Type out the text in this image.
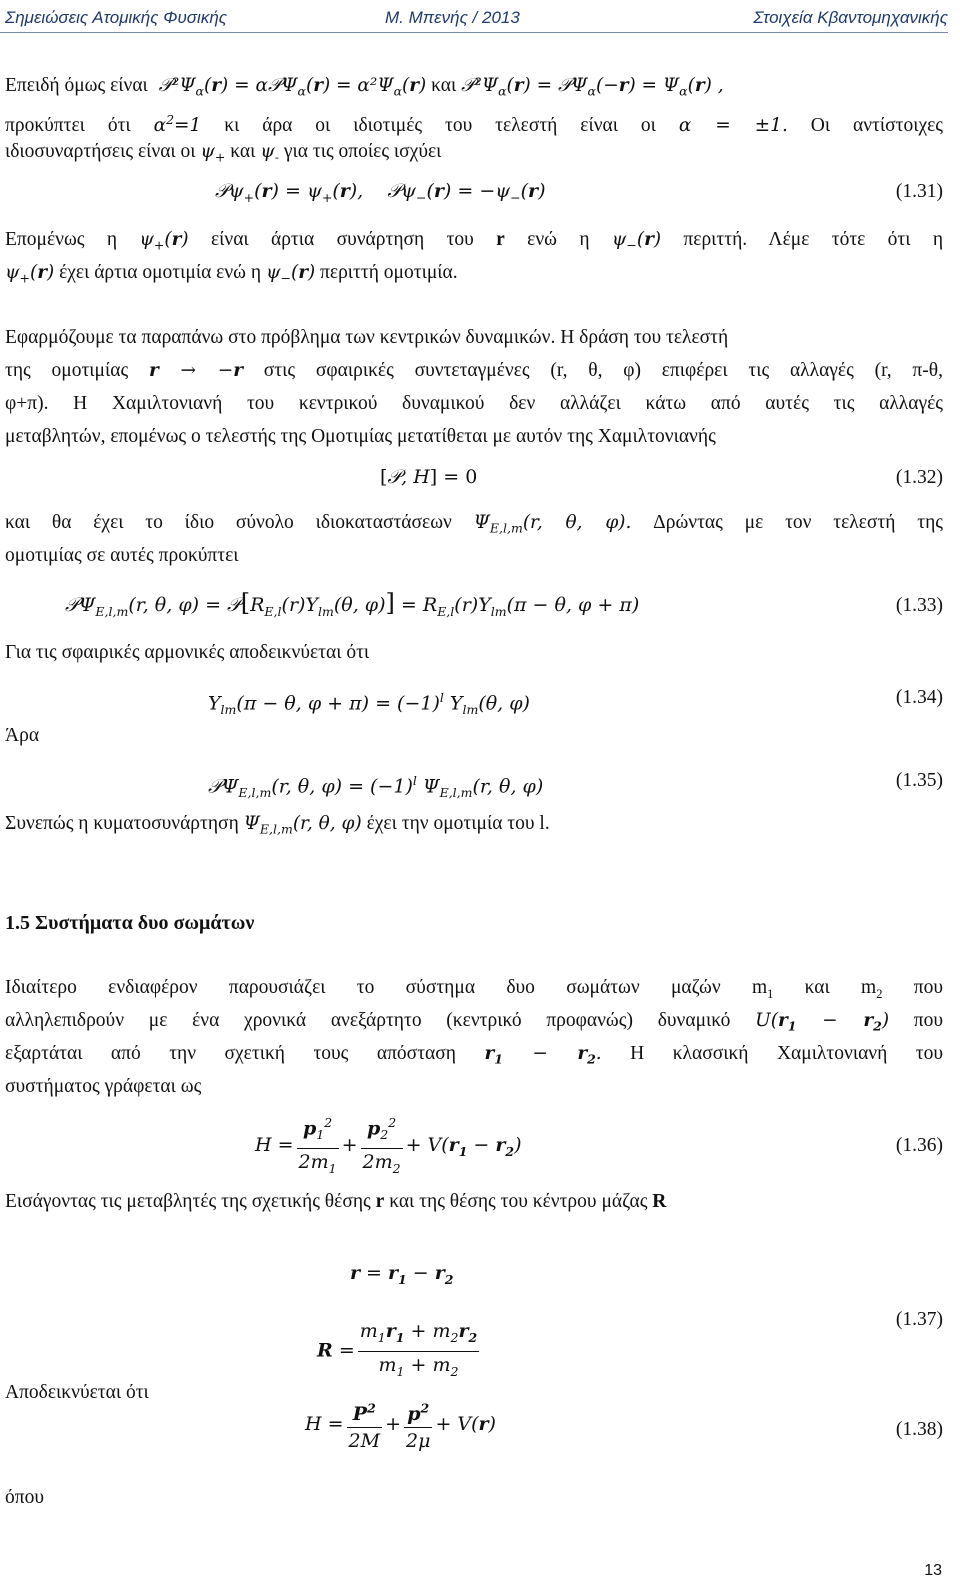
Σημειώσεις Ατομικής Φυσικής	Μ. Μπενής / 2013	Στοιχεία Κβαντομηχανικής
Επειδή όμως είναι  $𝒫^2\Psi_\alpha(r)$ = α𝒫Ψ$_\alpha$(r) = $\alpha^2\Psi_\alpha(r)$ και $𝒫^2\Psi_\alpha(r)$ = 𝒫Ψ$_\alpha$(−r) = $\Psi_\alpha(r)$ ,
προκύπτει ότι $\alpha^2=1$ κι άρα οι ιδιοτιμές του τελεστή είναι οι α = ±1. Οι αντίστοιχες
ιδιοσυναρτήσεις είναι οι $\psi_+$ και $\psi_-$ για τις οποίες ισχύει
𝒫ψ$_+$(r) = $\psi_+(r)$,    𝒫ψ$_-$(r) = $-\psi_-(r)$	(1.31)
Επομένως η $\psi_+(r)$ είναι άρτια συνάρτηση του r ενώ η $\psi_-(r)$ περιττή. Λέμε τότε ότι η
$\psi_+(r)$ έχει άρτια ομοτιμία ενώ η $\psi_-(r)$ περιττή ομοτιμία.
Εφαρμόζουμε τα παραπάνω στο πρόβλημα των κεντρικών δυναμικών. Η δράση του τελεστή
της ομοτιμίας r → −r στις σφαιρικές συντεταγμένες (r, θ, φ) επιφέρει τις αλλαγές (r, π-θ,
φ+π). Η Χαμιλτονιανή του κεντρικού δυναμικού δεν αλλάζει κάτω από αυτές τις αλλαγές
μεταβλητών, επομένως ο τελεστής της Ομοτιμίας μετατίθεται με αυτόν της Χαμιλτονιανής
[𝒫, H] = 0	(1.32)
και θα έχει το ίδιο σύνολο ιδιοκαταστάσεων $\Psi_{E,l,m}(r$, θ, φ). Δρώντας με τον τελεστή της
ομοτιμίας σε αυτές προκύπτει
𝒫Ψ$_{E,l,m}$(r, θ, $\varphi) = 𝒫[R_{E,l}(r)Y_{lm}(\theta$, $\varphi)] = R_{E,l}(r)Y_{lm}(\pi - \theta$, φ + π)	(1.33)
Για τις σφαιρικές αρμονικές αποδεικνύεται ότι
$Y_{lm}(\pi - \theta$, $\varphi + \pi) = (-1)^l$ $Y_{lm}(\theta$, φ)	(1.34)
Άρα
𝒫Ψ$_{E,l,m}$(r, θ, $\varphi) = (-1)^l$ $\Psi_{E,l,m}(r$, θ, φ)	(1.35)
Συνεπώς η κυματοσυνάρτηση $\Psi_{E,l,m}(r$, θ, φ) έχει την ομοτιμία του l.
1.5 Συστήματα δυο σωμάτων
Ιδιαίτερο ενδιαφέρον παρουσιάζει το σύστημα δυο σωμάτων μαζών $m_1$ και $m_2$ που
αλληλεπιδρούν με ένα χρονικά ανεξάρτητο (κεντρικό προφανώς) δυναμικό $U(r_1 - r_2)$ που
εξαρτάται από την σχετική τους απόσταση $r_1 - r_2$. Η κλασσική Χαμιλτονιανή του
συστήματος γράφεται ως
$H = \frac{p_1^2}{2m_1} + \frac{p_2^2}{2m_2} + V(r_1 - r_2)$	(1.36)
Εισάγοντας τις μεταβλητές της σχετικής θέσης r και της θέσης του κέντρου μάζας R
$r = r_1 - r_2$
$R = \frac{m_1r_1 + m_2r_2}{m_1 + m_2}$	(1.37)
Αποδεικνύεται ότι
$H = \frac{P^2}{2M} + \frac{p^2}{2\mu} + V(r)$	(1.38)
όπου
13
